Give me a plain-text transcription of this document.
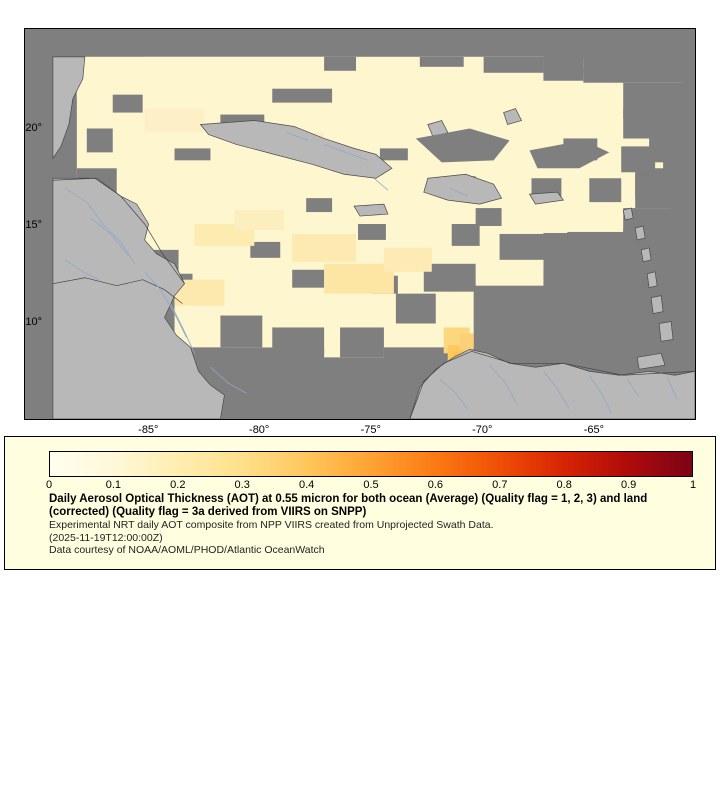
-85°	-80°	-75°	-70°	-65°
20°
15°
10°
0	0.1	0.2	0.3	0.4	0.5	0.6	0.7	0.8	0.9	1

Daily Aerosol Optical Thickness (AOT) at 0.55 micron for both ocean (Average) (Quality flag = 1, 2, 3) and land (corrected) (Quality flag = 3a derived from VIIRS on SNPP)

Experimental NRT daily AOT composite from NPP VIIRS created from Unprojected Swath Data.

(2025-11-19T12:00:00Z)

Data courtesy of NOAA/AOML/PHOD/Atlantic OceanWatch
